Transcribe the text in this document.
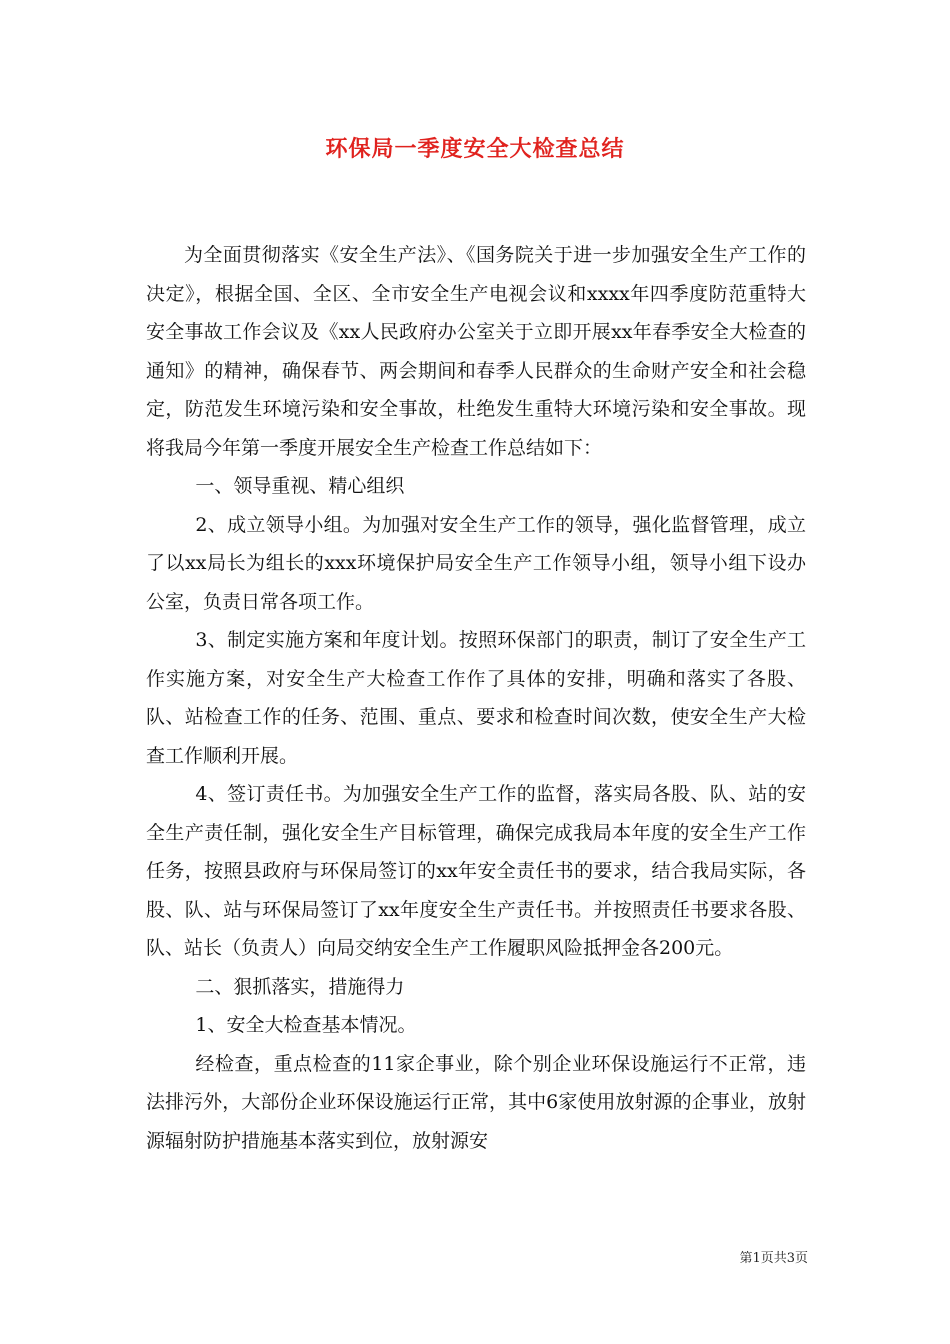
环保局一季度安全大检查总结

为全面贯彻落实《安全生产法》、《国务院关于进一步加强安全生产工作的决定》，根据全国、全区、全市安全生产电视会议和xxxx年四季度防范重特大安全事故工作会议及《xx人民政府办公室关于立即开展xx年春季安全大检查的通知》的精神，确保春节、两会期间和春季人民群众的生命财产安全和社会稳定，防范发生环境污染和安全事故，杜绝发生重特大环境污染和安全事故。现将我局今年第一季度开展安全生产检查工作总结如下：

一、领导重视、精心组织

2、成立领导小组。为加强对安全生产工作的领导，强化监督管理，成立了以xx局长为组长的xxx环境保护局安全生产工作领导小组，领导小组下设办公室，负责日常各项工作。

3、制定实施方案和年度计划。按照环保部门的职责，制订了安全生产工作实施方案，对安全生产大检查工作作了具体的安排，明确和落实了各股、队、站检查工作的任务、范围、重点、要求和检查时间次数，使安全生产大检查工作顺利开展。

4、签订责任书。为加强安全生产工作的监督，落实局各股、队、站的安全生产责任制，强化安全生产目标管理，确保完成我局本年度的安全生产工作任务，按照县政府与环保局签订的xx年安全责任书的要求，结合我局实际，各股、队、站与环保局签订了xx年度安全生产责任书。并按照责任书要求各股、队、站长（负责人）向局交纳安全生产工作履职风险抵押金各200元。

二、狠抓落实，措施得力

1、安全大检查基本情况。

经检查，重点检查的11家企事业，除个别企业环保设施运行不正常，违法排污外，大部份企业环保设施运行正常，其中6家使用放射源的企事业，放射源辐射防护措施基本落实到位，放射源安

第1页共3页
